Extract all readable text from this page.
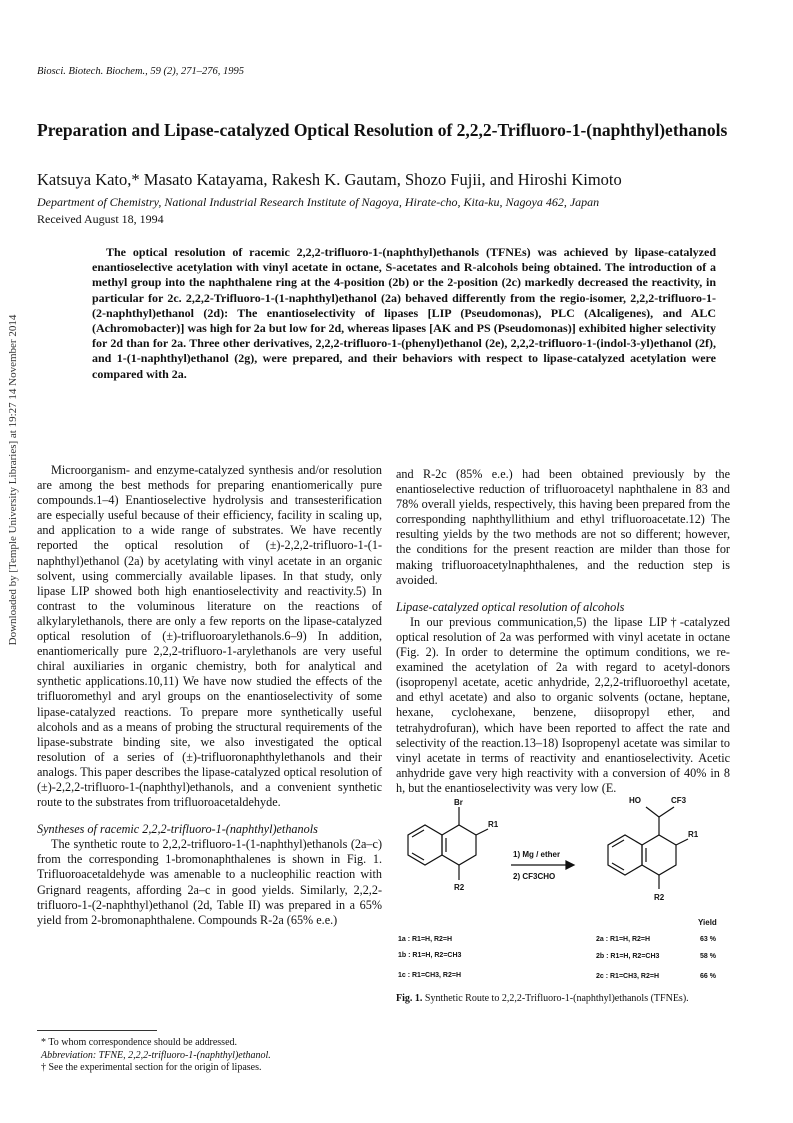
Biosci. Biotech. Biochem., 59 (2), 271–276, 1995
Preparation and Lipase-catalyzed Optical Resolution of 2,2,2-Trifluoro-1-(naphthyl)ethanols
Katsuya Kato,* Masato Katayama, Rakesh K. Gautam, Shozo Fujii, and Hiroshi Kimoto
Department of Chemistry, National Industrial Research Institute of Nagoya, Hirate-cho, Kita-ku, Nagoya 462, Japan
Received August 18, 1994
The optical resolution of racemic 2,2,2-trifluoro-1-(naphthyl)ethanols (TFNEs) was achieved by lipase-catalyzed enantioselective acetylation with vinyl acetate in octane, S-acetates and R-alcohols being obtained. The introduction of a methyl group into the naphthalene ring at the 4-position (2b) or the 2-position (2c) markedly decreased the reactivity, in particular for 2c. 2,2,2-Trifluoro-1-(1-naphthyl)ethanol (2a) behaved differently from the regio-isomer, 2,2,2-trifluoro-1-(2-naphthyl)ethanol (2d): The enantioselectivity of lipases [LIP (Pseudomonas), PLC (Alcaligenes), and ALC (Achromobacter)] was high for 2a but low for 2d, whereas lipases [AK and PS (Pseudomonas)] exhibited higher selectivity for 2d than for 2a. Three other derivatives, 2,2,2-trifluoro-1-(phenyl)ethanol (2e), 2,2,2-trifluoro-1-(indol-3-yl)ethanol (2f), and 1-(1-naphthyl)ethanol (2g), were prepared, and their behaviors with respect to lipase-catalyzed acetylation were compared with 2a.
Downloaded by [Temple University Libraries] at 19:27 14 November 2014	Microorganism- and enzyme-catalyzed synthesis and/or resolution are among the best methods for preparing enantiomerically pure compounds.1–4) Enantioselective hydrolysis and transesterification are especially useful because of their efficiency, facility in scaling up, and application to a wide range of substrates. We have recently reported the optical resolution of (±)-2,2,2-trifluoro-1-(1-naphthyl)ethanol (2a) by acetylating with vinyl acetate in an organic solvent, using commercially available lipases. In that study, only lipase LIP showed both high enantioselectivity and reactivity.5) In contrast to the voluminous literature on the reactions of alkylarylethanols, there are only a few reports on the lipase-catalyzed optical resolution of (±)-trifluoroarylethanols.6–9) In addition, enantiomerically pure 2,2,2-trifluoro-1-arylethanols are very useful chiral auxiliaries in organic chemistry, both for analytical and synthetic applications.10,11) We have now studied the effects of the trifluoromethyl and aryl groups on the enantioselectivity of some lipase-catalyzed reactions. To prepare more synthetically useful alcohols and as a means of probing the structural requirements of the lipase-substrate binding site, we also investigated the optical resolution of a series of (±)-trifluoronaphthylethanols and their analogs. This paper describes the lipase-catalyzed optical resolution of (±)-2,2,2-trifluoro-1-(naphthyl)ethanols, and a convenient synthetic route to the substrates from trifluoroacetaldehyde.

Syntheses of racemic 2,2,2-trifluoro-1-(naphthyl)ethanols

The synthetic route to 2,2,2-trifluoro-1-(1-naphthyl)ethanols (2a–c) from the corresponding 1-bromonaphthalenes is shown in Fig. 1. Trifluoroacetaldehyde was amenable to a nucleophilic reaction with Grignard reagents, affording 2a–c in good yields. Similarly, 2,2,2-trifluoro-1-(2-naphthyl)ethanol (2d, Table II) was prepared in a 65% yield from 2-bromonaphthalene. Compounds R-2a (65% e.e.)

and R-2c (85% e.e.) had been obtained previously by the enantioselective reduction of trifluoroacetyl naphthalene in 83 and 78% overall yields, respectively, this having been prepared from the corresponding naphthyllithium and ethyl trifluoroacetate.12) The resulting yields by the two methods are not so different; however, the conditions for the present reaction are milder than those for making trifluoroacetylnaphthalenes, and the reduction step is avoided.

Lipase-catalyzed optical resolution of alcohols

In our previous communication,5) the lipase LIP†-catalyzed optical resolution of 2a was performed with vinyl acetate in octane (Fig. 2). In order to determine the optimum conditions, we re-examined the acetylation of 2a with regard to acetyl-donors (isopropenyl acetate, acetic anhydride, 2,2,2-trifluoroethyl acetate, and ethyl acetate) and also to organic solvents (octane, heptane, hexane, cyclohexane, benzene, diisopropyl ether, and tetrahydrofuran), which have been reported to affect the rate and selectivity of the reaction.13–18) Isopropenyl acetate was similar to vinyl acetate in terms of reactivity and enantioselectivity. Acetic anhydride gave very high reactivity with a conversion of 40% in 8 h, but the enantioselectivity was very low (E.

Br
R1
R2
1) Mg / ether
2) CF3CHO
HO	CF3
R1
R2
Yield
1a : R1=H, R2=H
1b : R1=H, R2=CH3
1c : R1=CH3, R2=H
2a : R1=H, R2=H
2b : R1=H, R2=CH3
2c : R1=CH3, R2=H
63 %
58 %
66 %
Fig. 1. Synthetic Route to 2,2,2-Trifluoro-1-(naphthyl)ethanols (TFNEs).

* To whom correspondence should be addressed.

Abbreviation: TFNE, 2,2,2-trifluoro-1-(naphthyl)ethanol.

† See the experimental section for the origin of lipases.
